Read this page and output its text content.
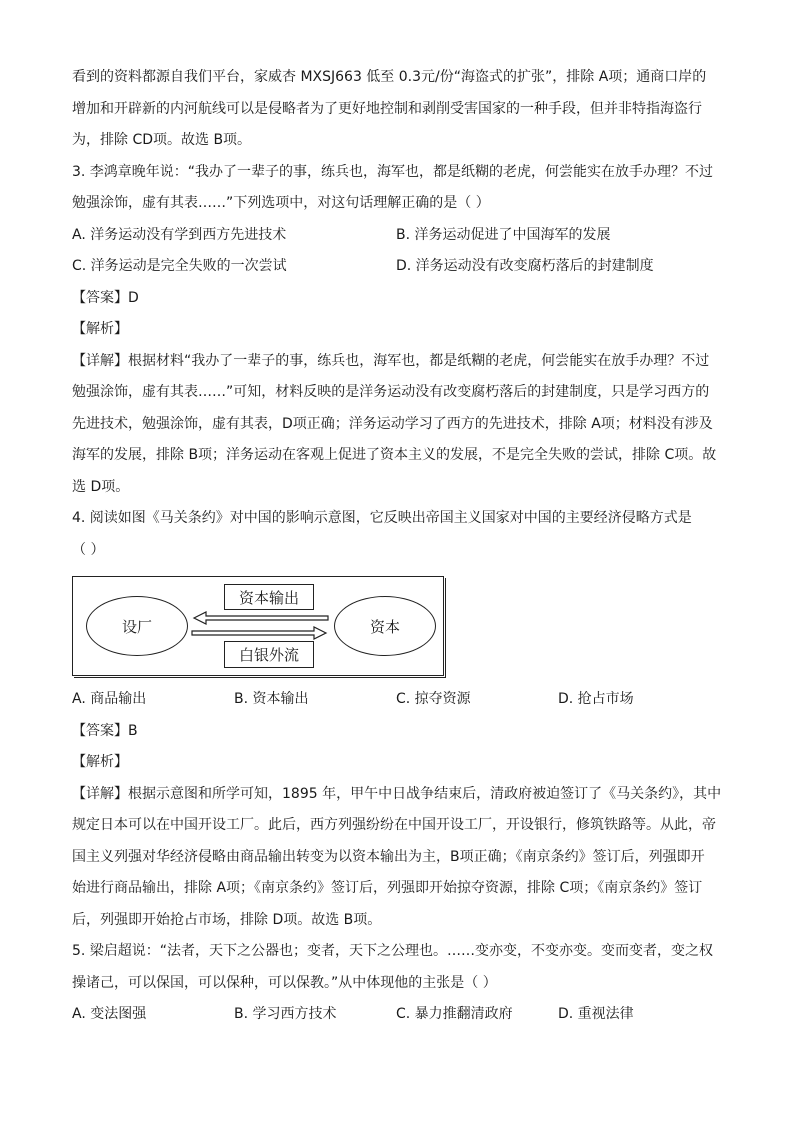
看到的资料都源自我们平台，家威杏 MXSJ663 低至 0.3元/份“海盗式的扩张”，排除 A项；通商口岸的

增加和开辟新的内河航线可以是侵略者为了更好地控制和剥削受害国家的一种手段，但并非特指海盗行

为，排除 CD项。故选 B项。

3. 李鸿章晚年说：“我办了一辈子的事，练兵也，海军也，都是纸糊的老虎，何尝能实在放手办理？不过

勉强涂饰，虚有其表……”下列选项中，对这句话理解正确的是（ ）

A. 洋务运动没有学到西方先进技术	B. 洋务运动促进了中国海军的发展
C. 洋务运动是完全失败的一次尝试	D. 洋务运动没有改变腐朽落后的封建制度

【答案】D

【解析】

【详解】根据材料“我办了一辈子的事，练兵也，海军也，都是纸糊的老虎，何尝能实在放手办理？不过

勉强涂饰，虚有其表……”可知，材料反映的是洋务运动没有改变腐朽落后的封建制度，只是学习西方的

先进技术，勉强涂饰，虚有其表，D项正确；洋务运动学习了西方的先进技术，排除 A项；材料没有涉及

海军的发展，排除 B项；洋务运动在客观上促进了资本主义的发展，不是完全失败的尝试，排除 C项。故

选 D项。

4. 阅读如图《马关条约》对中国的影响示意图，它反映出帝国主义国家对中国的主要经济侵略方式是

（ ）

设厂	资本
资本输出
白银外流
A. 商品输出	B. 资本输出	C. 掠夺资源	D. 抢占市场

【答案】B

【解析】

【详解】根据示意图和所学可知，1895 年，甲午中日战争结束后，清政府被迫签订了《马关条约》，其中

规定日本可以在中国开设工厂。此后，西方列强纷纷在中国开设工厂，开设银行，修筑铁路等。从此，帝

国主义列强对华经济侵略由商品输出转变为以资本输出为主，B项正确；《南京条约》签订后，列强即开

始进行商品输出，排除 A项；《南京条约》签订后，列强即开始掠夺资源，排除 C项；《南京条约》签订

后，列强即开始抢占市场，排除 D项。故选 B项。

5. 梁启超说：“法者，天下之公器也；变者，天下之公理也。……变亦变，不变亦变。变而变者，变之权

操诸己，可以保国，可以保种，可以保教。”从中体现他的主张是（ ）

A. 变法图强	B. 学习西方技术	C. 暴力推翻清政府	D. 重视法律
